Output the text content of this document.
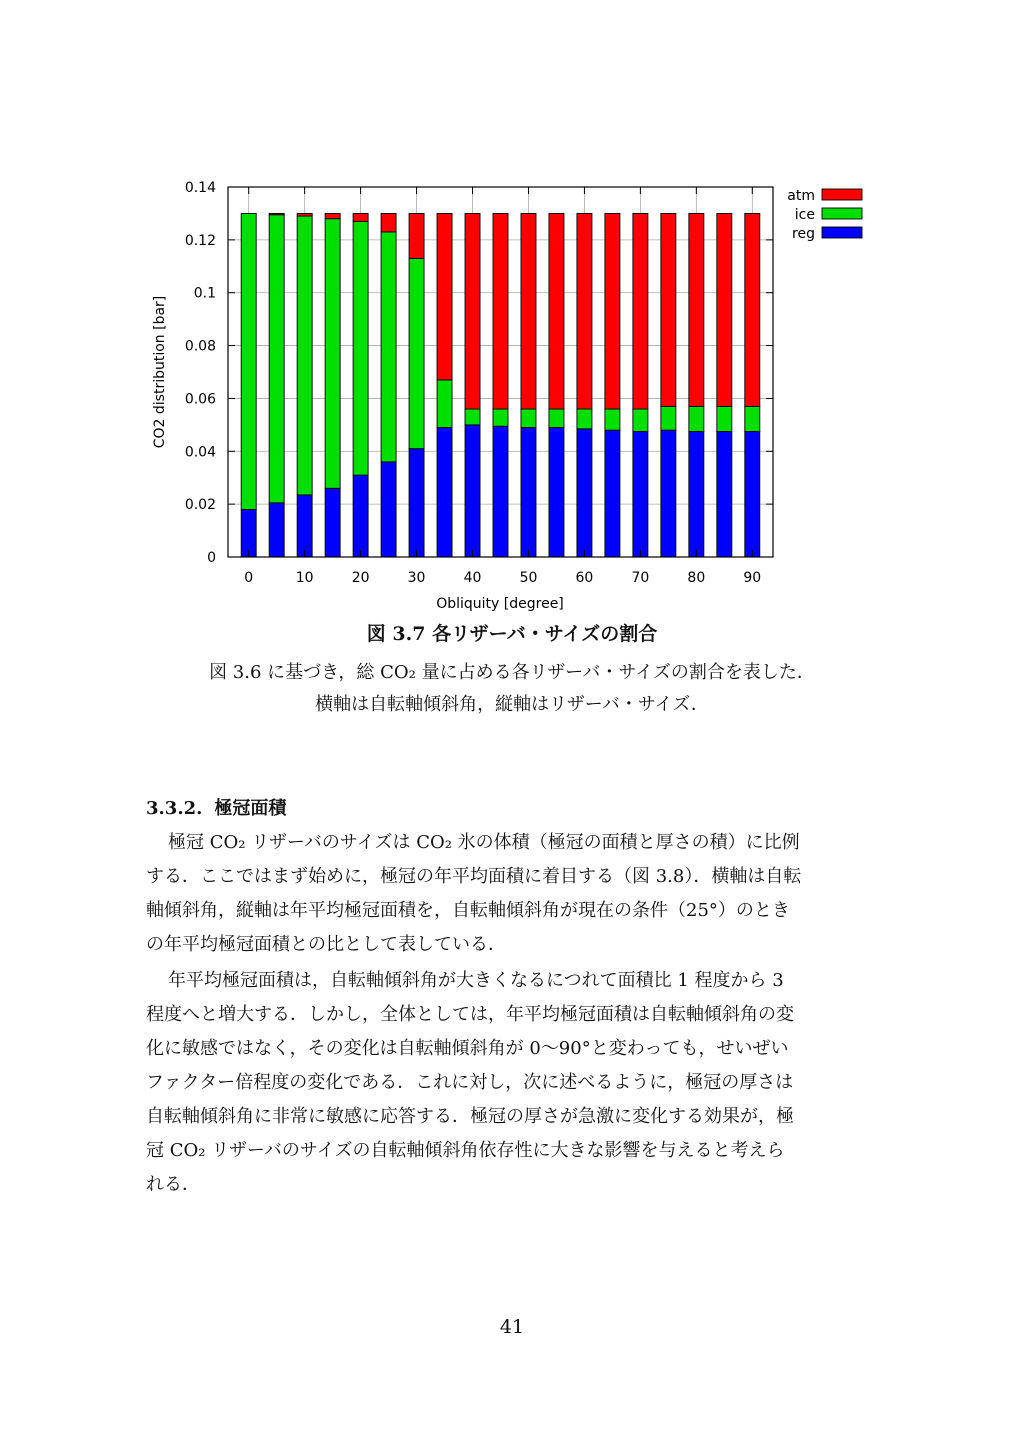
0
0.02
0.04
0.06
0.08
0.1
0.12
0.14
0	10	20	30	40	50	60	70	80	90
Obliquity [degree]
CO2 distribution [bar]
atm
ice
reg
図 3.7 各リザーバ・サイズの割合
図 3.6 に基づき，総 CO₂ 量に占める各リザーバ・サイズの割合を表した．
横軸は自転軸傾斜角，縦軸はリザーバ・サイズ．
3.3.2. 極冠面積
極冠 CO₂ リザーバのサイズは CO₂ 氷の体積（極冠の面積と厚さの積）に比例
する．ここではまず始めに，極冠の年平均面積に着目する（図 3.8）．横軸は自転
軸傾斜角，縦軸は年平均極冠面積を，自転軸傾斜角が現在の条件（25°）のとき
の年平均極冠面積との比として表している．
年平均極冠面積は，自転軸傾斜角が大きくなるにつれて面積比 1 程度から 3
程度へと増大する．しかし，全体としては，年平均極冠面積は自転軸傾斜角の変
化に敏感ではなく，その変化は自転軸傾斜角が 0〜90°と変わっても，せいぜい
ファクター倍程度の変化である．これに対し，次に述べるように，極冠の厚さは
自転軸傾斜角に非常に敏感に応答する．極冠の厚さが急激に変化する効果が，極
冠 CO₂ リザーバのサイズの自転軸傾斜角依存性に大きな影響を与えると考えら
れる．
41
